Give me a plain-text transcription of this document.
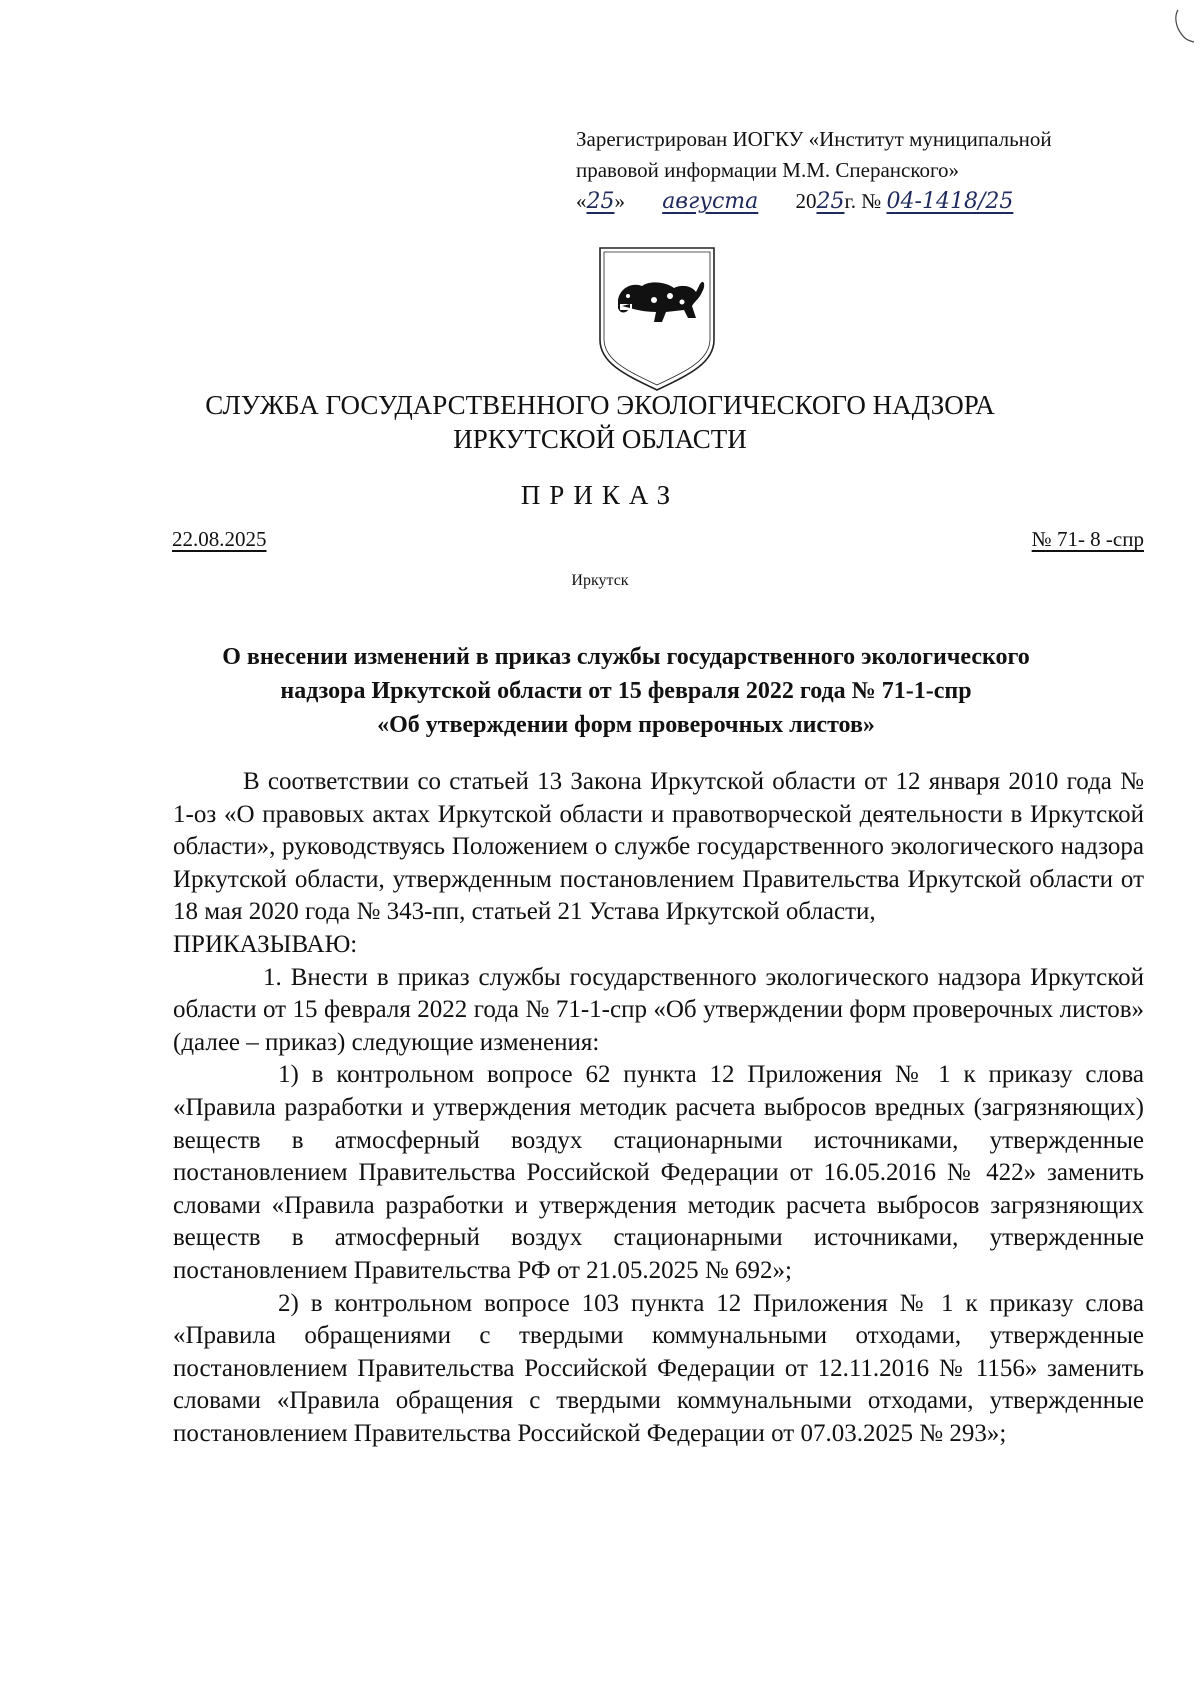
Зарегистрирован ИОГКУ «Институт муниципальной
правовой информации М.М. Сперанского»
«25» августа 2025г. № 04-1418/25
СЛУЖБА ГОСУДАРСТВЕННОГО ЭКОЛОГИЧЕСКОГО НАДЗОРА
ИРКУТСКОЙ ОБЛАСТИ
ПРИКАЗ
22.08.2025	№ 71- 8 -спр
Иркутск
О внесении изменений в приказ службы государственного экологического
надзора Иркутской области от 15 февраля 2022 года № 71-1-спр
«Об утверждении форм проверочных листов»

В соответствии со статьей 13 Закона Иркутской области от 12 января 2010 года № 1-оз «О правовых актах Иркутской области и правотворческой деятельности в Иркутской области», руководствуясь Положением о службе государственного экологического надзора Иркутской области, утвержденным постановлением Правительства Иркутской области от 18 мая 2020 года № 343-пп, статьей 21 Устава Иркутской области,

ПРИКАЗЫВАЮ:

1. Внести в приказ службы государственного экологического надзора Иркутской области от 15 февраля 2022 года № 71-1-спр «Об утверждении форм проверочных листов» (далее – приказ) следующие изменения:

1) в контрольном вопросе 62 пункта 12 Приложения № 1 к приказу слова «Правила разработки и утверждения методик расчета выбросов вредных (загрязняющих) веществ в атмосферный воздух стационарными источниками, утвержденные постановлением Правительства Российской Федерации от 16.05.2016 № 422» заменить словами «Правила разработки и утверждения методик расчета выбросов загрязняющих веществ в атмосферный воздух стационарными источниками, утвержденные постановлением Правительства РФ от 21.05.2025 № 692»;

2) в контрольном вопросе 103 пункта 12 Приложения № 1 к приказу слова «Правила обращениями с твердыми коммунальными отходами, утвержденные постановлением Правительства Российской Федерации от 12.11.2016 № 1156» заменить словами «Правила обращения с твердыми коммунальными отходами, утвержденные постановлением Правительства Российской Федерации от 07.03.2025 № 293»;
